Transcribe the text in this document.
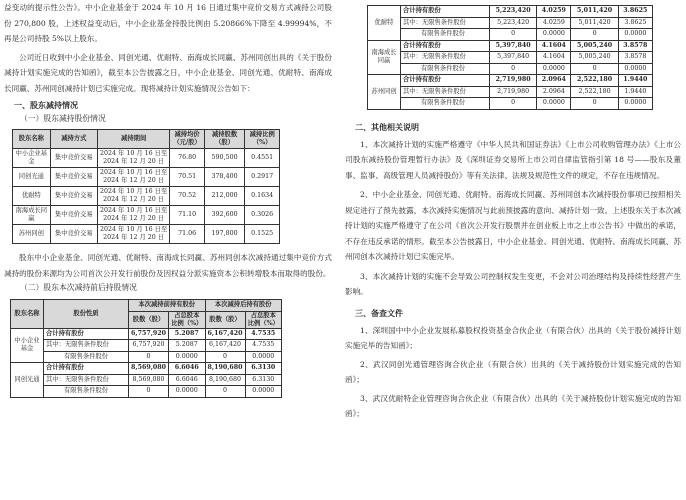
益变动的提示性公告》。中小企业基金于 2024 年 10 月 16 日通过集中竞价交易方式减持公司股份 270,800 股，上述权益变动后，中小企业基金持股比例由 5.20866%下降至 4.99994%，不再是公司持股 5%以上股东。

公司近日收到中小企业基金、同创光通、优耐特、南海成长同赢、苏州同创出具的《关于股份减持计划实施完成的告知函》，截至本公告披露之日，中小企业基金、同创光通、优耐特、南海成长同赢、苏州同创减持计划已实施完成。现将减持计划实施情况公告如下：

一、股东减持情况

（一）股东减持股份情况

股东名称	减持方式	减持期间	减持均价（元/股）	减持股数（股）	减持比例（%）
中小企业基金	集中竞价交易	2024 年 10 月 16 日至 2024 年 12 月 20 日	76.80	590,500	0.4551
同创光通	集中竞价交易	2024 年 10 月 16 日至 2024 年 12 月 20 日	70.51	378,400	0.2917
优耐特	集中竞价交易	2024 年 10 月 16 日至 2024 年 12 月 20 日	70.52	212,000	0.1634
南海成长同赢	集中竞价交易	2024 年 10 月 16 日至 2024 年 12 月 20 日	71.10	392,600	0.3026
苏州同创	集中竞价交易	2024 年 10 月 16 日至 2024 年 12 月 20 日	71.06	197,800	0.1525

股东中小企业基金、同创光通、优耐特、南海成长同赢、苏州同创本次减持通过集中竞价方式减持的股份来源均为公司首次公开发行前股份及因权益分派实施资本公积转增股本而取得的股份。

（二）股东本次减持前后持股情况

股东名称	股份性质	本次减持前持有股份		本次减持后持有股份	
		股数（股）	占总股本比例（%）	股数（股）	占总股本比例（%）
中小企业基金	合计持有股份	6,757,920	5.2087	6,167,420	4.7535
	其中：无限售条件股份	6,757,920	5.2087	6,167,420	4.7535
	有限售条件股份	0	0.0000	0	0.0000
同创光通	合计持有股份	8,569,080	6.6046	8,190,680	6.3130
	其中：无限售条件股份	8,569,080	6.6046	8,190,680	6.3130
	有限售条件股份	0	0.0000	0	0.0000
优耐特	合计持有股份	5,223,420	4.0259	5,011,420	3.8625
	其中：无限售条件股份	5,223,420	4.0259	5,011,420	3.8625
	有限售条件股份	0	0.0000	0	0.0000
南海成长同赢	合计持有股份	5,397,840	4.1604	5,005,240	3.8578
	其中：无限售条件股份	5,397,840	4.1604	5,005,240	3.8578
	有限售条件股份	0	0.0000	0	0.0000
苏州同创	合计持有股份	2,719,980	2.0964	2,522,180	1.9440
	其中：无限售条件股份	2,719,980	2.0964	2,522,180	1.9440
	有限售条件股份	0	0.0000	0	0.0000

二、其他相关说明

1、本次减持计划的实施严格遵守《中华人民共和国证券法》《上市公司收购管理办法》《上市公司股东减持股份管理暂行办法》及《深圳证券交易所上市公司自律监管指引第 18 号——股东及董事、监事、高级管理人员减持股份》等有关法律、法规及规范性文件的规定，不存在违规情况。

2、中小企业基金、同创光通、优耐特、南海成长同赢、苏州同创本次减持股份事项已按照相关规定进行了预先披露，本次减持实施情况与此前预披露的意向、减持计划一致。上述股东关于本次减持计划的实施严格遵守了在公司《首次公开发行股票并在创业板上市之上市公告书》中做出的承诺，不存在违反承诺的情形。截至本公告披露日，中小企业基金、同创光通、优耐特、南海成长同赢、苏州同创本次减持计划已实施完毕。

3、本次减持计划的实施不会导致公司控制权发生变更，不会对公司治理结构及持续性经营产生影响。

三、备查文件

1、深圳国中中小企业发展私募股权投资基金合伙企业（有限合伙）出具的《关于股份减持计划实施完毕的告知函》；

2、武汉同创光通管理咨询合伙企业（有限合伙）出具的《关于减持股份计划实施完成的告知函》；

3、武汉优耐特企业管理咨询合伙企业（有限合伙）出具的《关于减持股份计划实施完成的告知函》；
